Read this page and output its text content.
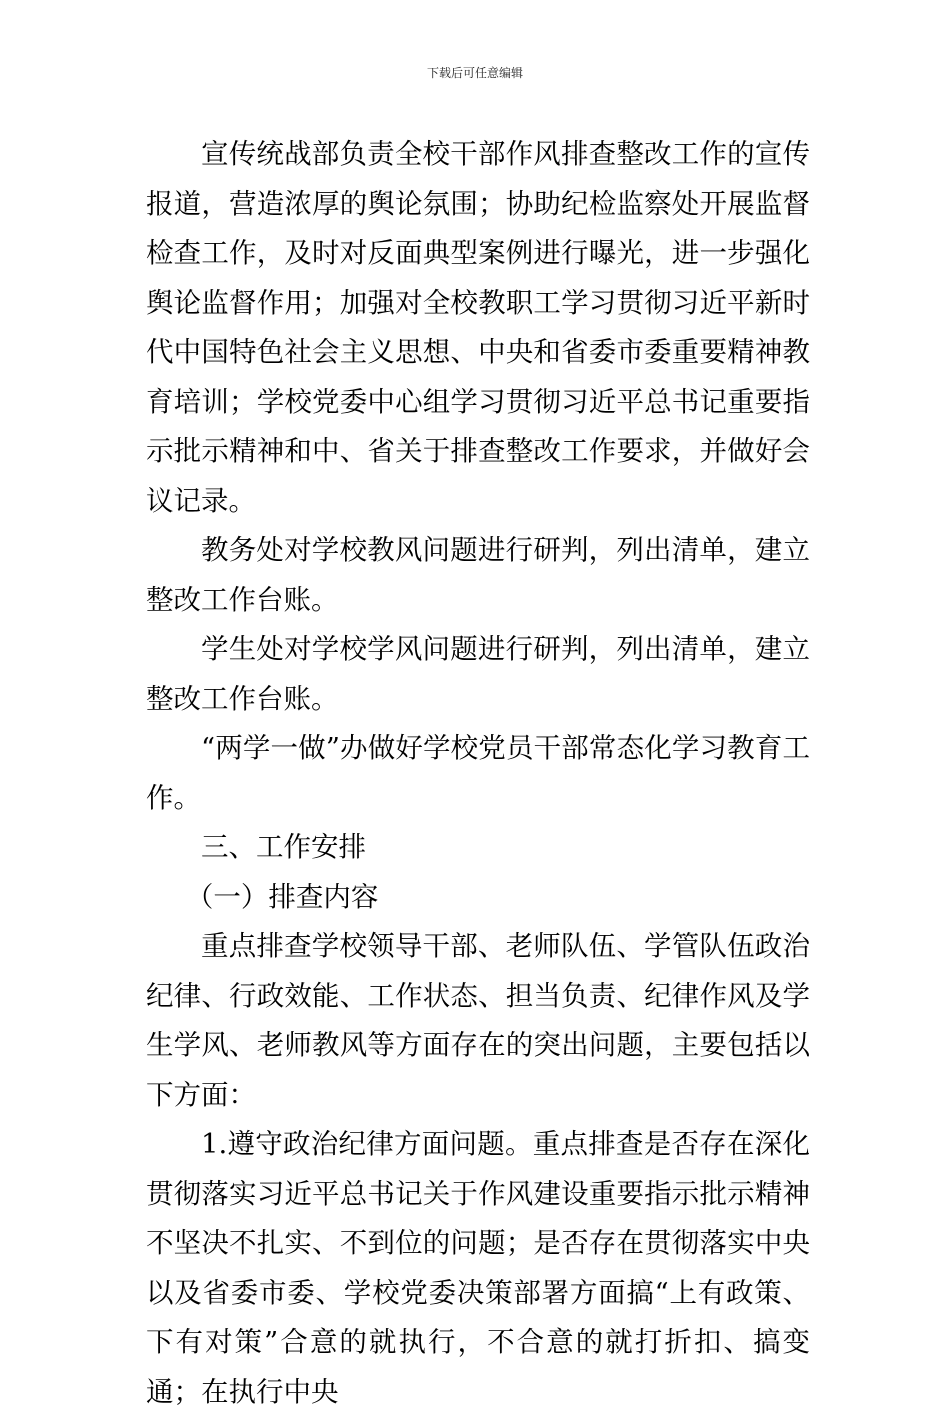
下载后可任意编辑

宣传统战部负责全校干部作风排查整改工作的宣传报道，营造浓厚的舆论氛围；协助纪检监察处开展监督检查工作，及时对反面典型案例进行曝光，进一步强化舆论监督作用；加强对全校教职工学习贯彻习近平新时代中国特色社会主义思想、中央和省委市委重要精神教育培训；学校党委中心组学习贯彻习近平总书记重要指示批示精神和中、省关于排查整改工作要求，并做好会议记录。

教务处对学校教风问题进行研判，列出清单，建立整改工作台账。

学生处对学校学风问题进行研判，列出清单，建立整改工作台账。

“两学一做”办做好学校党员干部常态化学习教育工作。

三、工作安排

（一）排查内容

重点排查学校领导干部、老师队伍、学管队伍政治纪律、行政效能、工作状态、担当负责、纪律作风及学生学风、老师教风等方面存在的突出问题，主要包括以下方面：

1.遵守政治纪律方面问题。重点排查是否存在深化贯彻落实习近平总书记关于作风建设重要指示批示精神不坚决不扎实、不到位的问题；是否存在贯彻落实中央以及省委市委、学校党委决策部署方面搞“上有政策、下有对策”合意的就执行，不合意的就打折扣、搞变通；在执行中央
